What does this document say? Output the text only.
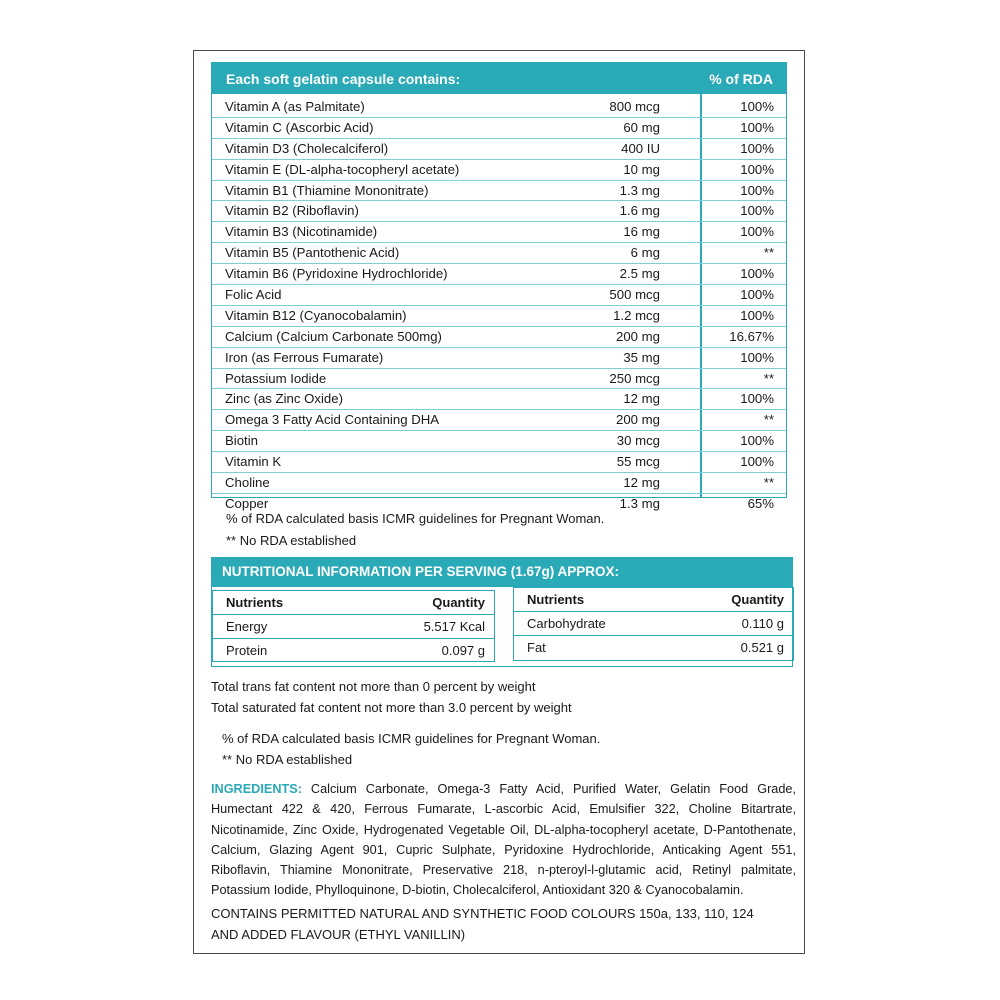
Each soft gelatin capsule contains:	% of RDA
Vitamin A (as Palmitate)	800 mcg	100%
Vitamin C (Ascorbic Acid)	60 mg	100%
Vitamin D3 (Cholecalciferol)	400 IU	100%
Vitamin E (DL-alpha-tocopheryl acetate)	10 mg	100%
Vitamin B1 (Thiamine Mononitrate)	1.3 mg	100%
Vitamin B2 (Riboflavin)	1.6 mg	100%
Vitamin B3 (Nicotinamide)	16 mg	100%
Vitamin B5 (Pantothenic Acid)	6 mg	**
Vitamin B6 (Pyridoxine Hydrochloride)	2.5 mg	100%
Folic Acid	500 mcg	100%
Vitamin B12 (Cyanocobalamin)	1.2 mcg	100%
Calcium (Calcium Carbonate 500mg)	200 mg	16.67%
Iron (as Ferrous Fumarate)	35 mg	100%
Potassium Iodide	250 mcg	**
Zinc (as Zinc Oxide)	12 mg	100%
Omega 3 Fatty Acid Containing DHA	200 mg	**
Biotin	30 mcg	100%
Vitamin K	55 mcg	100%
Choline	12 mg	**
Copper	1.3 mg	65%
% of RDA calculated basis ICMR guidelines for Pregnant Woman.
** No RDA established
NUTRITIONAL INFORMATION PER SERVING (1.67g) APPROX:
Nutrients	Quantity
Energy	5.517 Kcal
Protein	0.097 g
Nutrients	Quantity
Carbohydrate	0.110 g
Fat	0.521 g
Total trans fat content not more than 0 percent by weight
Total saturated fat content not more than 3.0 percent by weight
% of RDA calculated basis ICMR guidelines for Pregnant Woman.
** No RDA established
INGREDIENTS: Calcium Carbonate, Omega-3 Fatty Acid, Purified Water, Gelatin Food Grade, Humectant 422 & 420, Ferrous Fumarate, L-ascorbic Acid, Emulsifier 322, Choline Bitartrate, Nicotinamide, Zinc Oxide, Hydrogenated Vegetable Oil, DL-alpha-tocopheryl acetate, D-Pantothenate, Calcium, Glazing Agent 901, Cupric Sulphate, Pyridoxine Hydrochloride, Anticaking Agent 551, Riboflavin, Thiamine Mononitrate, Preservative 218, n-pteroyl-l-glutamic acid, Retinyl palmitate, Potassium Iodide, Phylloquinone, D-biotin, Cholecalciferol, Antioxidant 320 & Cyanocobalamin.
CONTAINS PERMITTED NATURAL AND SYNTHETIC FOOD COLOURS 150a, 133, 110, 124
AND ADDED FLAVOUR (ETHYL VANILLIN)
